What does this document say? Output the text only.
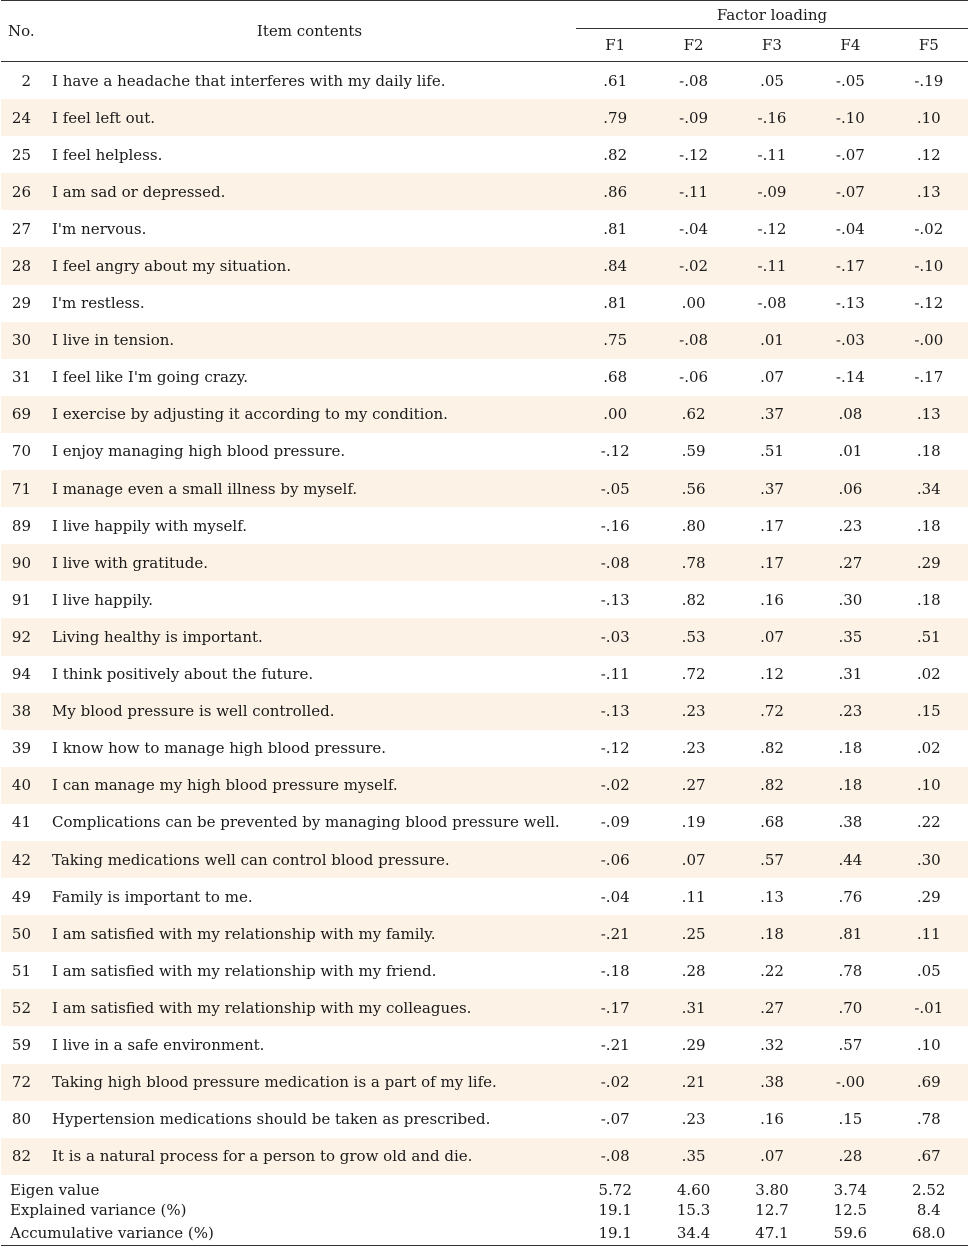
No.	Item contents	Factor loading				
		F1	F2	F3	F4	F5
2	I have a headache that interferes with my daily life.	.61	-.08	.05	-.05	-.19
24	I feel left out.	.79	-.09	-.16	-.10	.10
25	I feel helpless.	.82	-.12	-.11	-.07	.12
26	I am sad or depressed.	.86	-.11	-.09	-.07	.13
27	I'm nervous.	.81	-.04	-.12	-.04	-.02
28	I feel angry about my situation.	.84	-.02	-.11	-.17	-.10
29	I'm restless.	.81	.00	-.08	-.13	-.12
30	I live in tension.	.75	-.08	.01	-.03	-.00
31	I feel like I'm going crazy.	.68	-.06	.07	-.14	-.17
69	I exercise by adjusting it according to my condition.	.00	.62	.37	.08	.13
70	I enjoy managing high blood pressure.	-.12	.59	.51	.01	.18
71	I manage even a small illness by myself.	-.05	.56	.37	.06	.34
89	I live happily with myself.	-.16	.80	.17	.23	.18
90	I live with gratitude.	-.08	.78	.17	.27	.29
91	I live happily.	-.13	.82	.16	.30	.18
92	Living healthy is important.	-.03	.53	.07	.35	.51
94	I think positively about the future.	-.11	.72	.12	.31	.02
38	My blood pressure is well controlled.	-.13	.23	.72	.23	.15
39	I know how to manage high blood pressure.	-.12	.23	.82	.18	.02
40	I can manage my high blood pressure myself.	-.02	.27	.82	.18	.10
41	Complications can be prevented by managing blood pressure well.	-.09	.19	.68	.38	.22
42	Taking medications well can control blood pressure.	-.06	.07	.57	.44	.30
49	Family is important to me.	-.04	.11	.13	.76	.29
50	I am satisfied with my relationship with my family.	-.21	.25	.18	.81	.11
51	I am satisfied with my relationship with my friend.	-.18	.28	.22	.78	.05
52	I am satisfied with my relationship with my colleagues.	-.17	.31	.27	.70	-.01
59	I live in a safe environment.	-.21	.29	.32	.57	.10
72	Taking high blood pressure medication is a part of my life.	-.02	.21	.38	-.00	.69
80	Hypertension medications should be taken as prescribed.	-.07	.23	.16	.15	.78
82	It is a natural process for a person to grow old and die.	-.08	.35	.07	.28	.67
Eigen value		5.72	4.60	3.80	3.74	2.52
Explained variance (%)		19.1	15.3	12.7	12.5	8.4
Accumulative variance (%)		19.1	34.4	47.1	59.6	68.0
